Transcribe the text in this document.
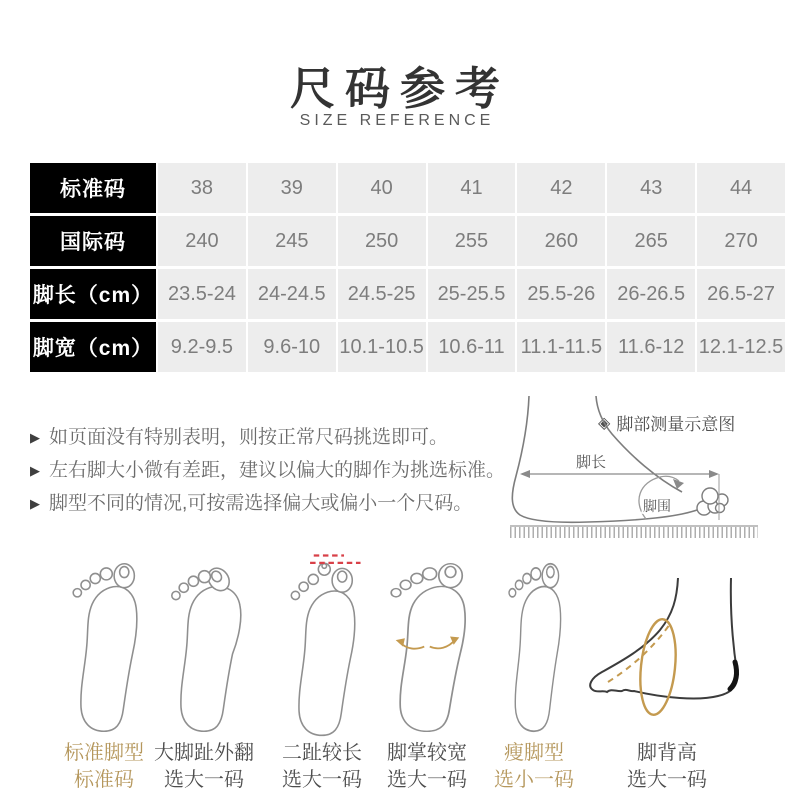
尺码参考
SIZE REFERENCE
标准码	38	39	40	41	42	43	44
国际码	240	245	250	255	260	265	270
脚长（cm） 23.5-24	24-24.5	24.5-25	25-25.5	25.5-26	26-26.5	26.5-27
脚宽（cm） 9.2-9.5	9.6-10 10.1-10.5 10.6-11 11.1-11.5 11.6-12 12.1-12.5
▶ 如页面没有特别表明，则按正常尺码挑选即可。
▶ 左右脚大小微有差距，建议以偏大的脚作为挑选标准。
▶ 脚型不同的情况,可按需选择偏大或偏小一个尺码。
◈ 脚部测量示意图
脚长
脚围
标准脚型
标准码
大脚趾外翻
选大一码
二趾较长
选大一码
脚掌较宽
选大一码
瘦脚型
选小一码
脚背高
选大一码
